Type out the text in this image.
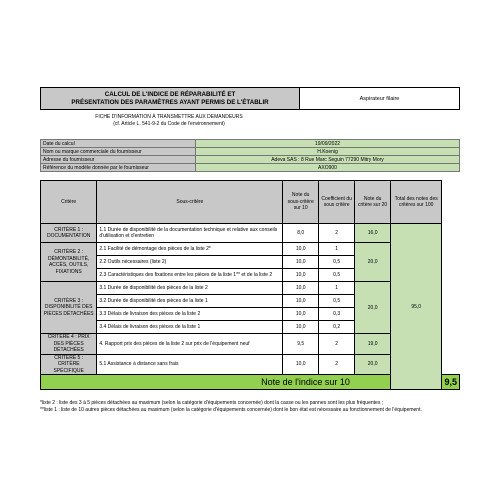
CALCUL DE L'INDICE DE RÉPARABILITÉ ET
PRÉSENTATION DES PARAMÈTRES AYANT PERMIS DE L'ÉTABLIR	Aspirateur filaire
FICHE D'INFORMATION À TRANSMETTRE AUX DEMANDEURS
(cf. Article L. 541-9-2 du Code de l'environnement)
Date du calcul	19/09/2022
Nom ou marque commerciale du fournisseur	H.Koenig
Adresse du fournisseur	Adeva SAS : 8 Rue Marc Seguin 77290 Mitry Mory
Référence du modèle donnée par le fournisseur	AXO900
Critère	Sous-critère	Note du sous-critère sur 10	Coefficient du sous critère	Note du critère sur 20	Total des notes des critères sur 100	
CRITÈRE 1 : DOCUMENTATION	1.1 Durée de disponibilité de la documentation technique et relative aux conseils d'utilisation et d'entretien	8,0	2	16,0	95,0	
CRITÈRE 2 : DÉMONTABILITÉ, ACCÈS, OUTILS, FIXATIONS	2.1 Facilité de démontage des pièces de la liste 2*	10,0	1	20,0		
	2.2 Outils nécessaires (liste 2)	10,0	0,5			
	2.3 Caractéristiques des fixations entre les pièces de la liste 1** et de la liste 2	10,0	0,5			
CRITÈRE 3 : DISPONIBILITÉ DES PIÈCES DÉTACHÉES	3.1 Durée de disponibilité des pièces de la liste 2	10,0	1	20,0		
	3.2 Durée de disponibilité des pièces de la liste 1	10,0	0,5			
	3.3 Délais de livraison des pièces de la liste 2	10,0	0,3			
	3.4 Délais de livraison des pièces de la liste 1	10,0	0,2			
CRITÈRE 4 : PRIX DES PIÈCES DÉTACHÉES	4. Rapport prix des pièces de la liste 2 sur prix de l'équipement neuf	9,5	2	19,0		
CRITÈRE 5 : CRITÈRE SPÉCIFIQUE	5.1 Assistance à distance sans frais	10,0	2	20,0		
Note de l'indice sur 10						9,5
*liste 2 : liste des 3 à 5 pièces détachées au maximum (selon la catégorie d'équipements concernée) dont la casse ou les pannes sont les plus fréquentes ;
**liste 1 : liste de 10 autres pièces détachées au maximum (selon la catégorie d'équipements concernée) dont le bon état est nécessaire au fonctionnement de l'équipement.
